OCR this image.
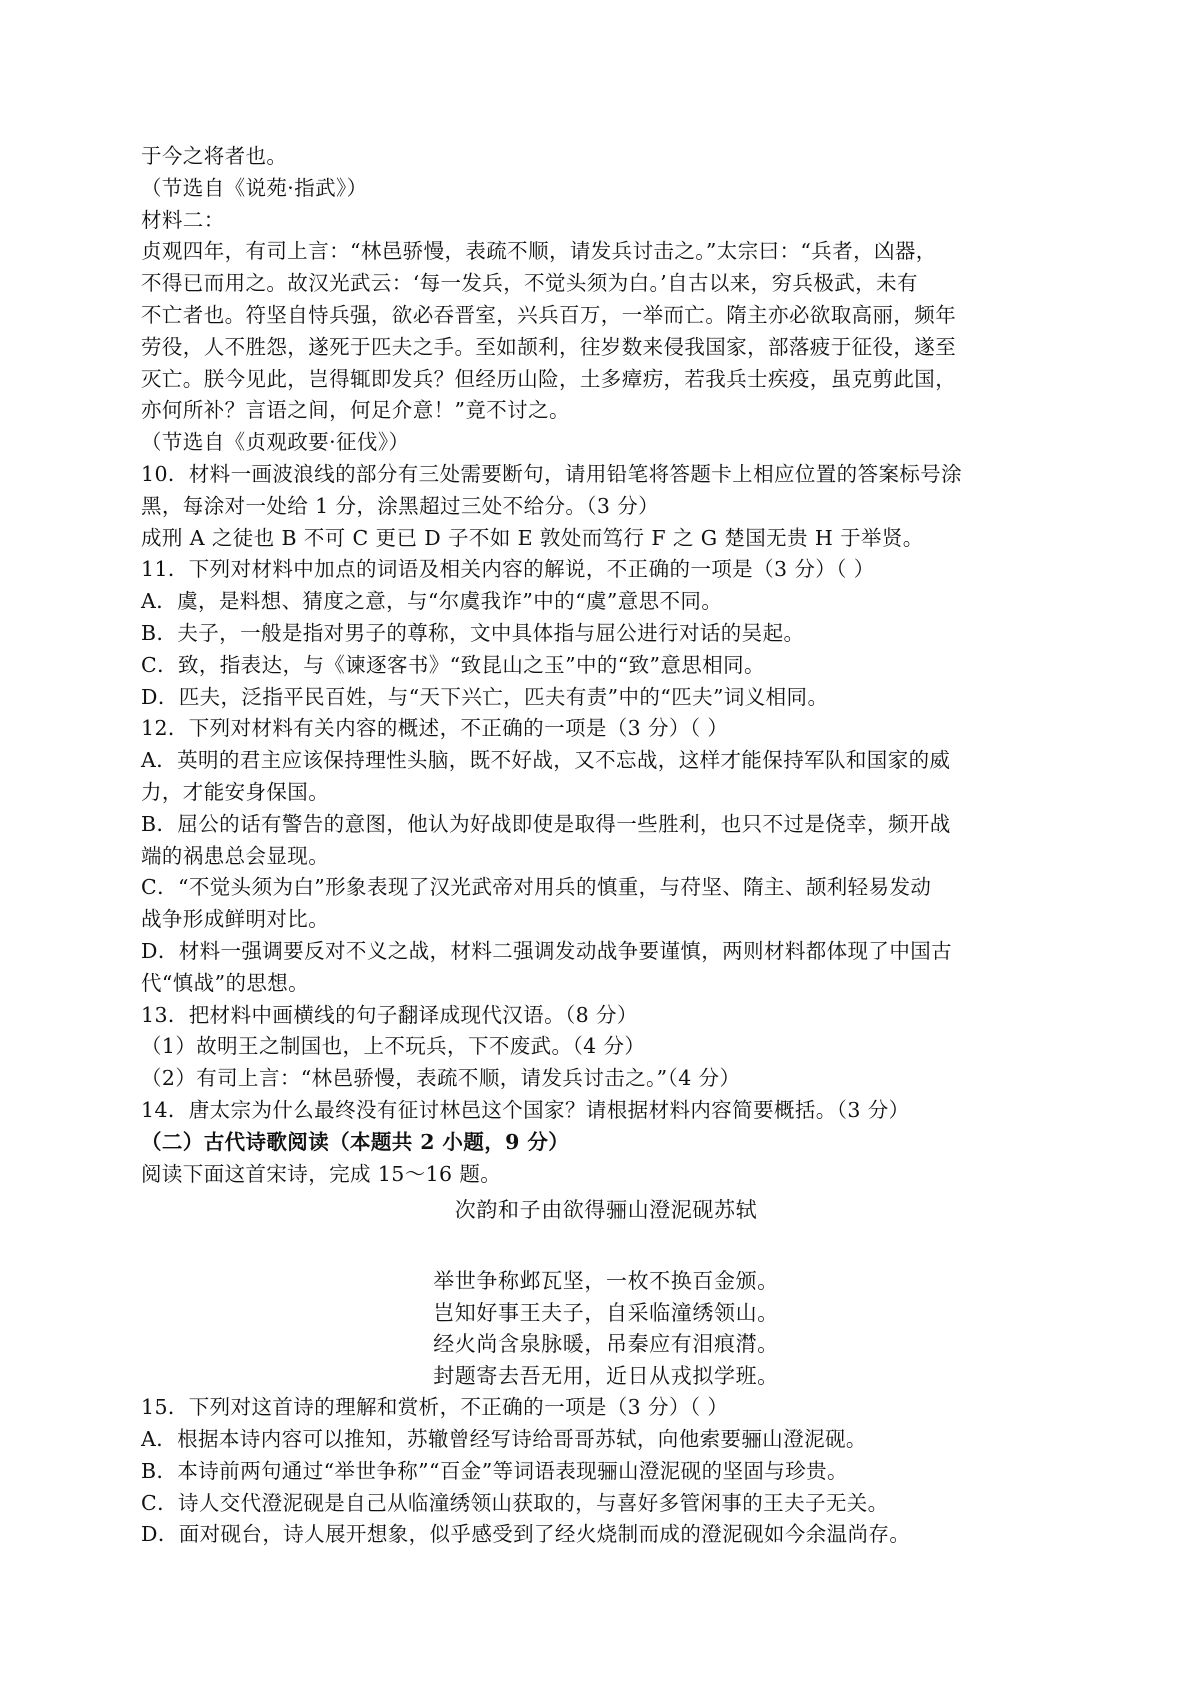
于今之将者也。
（节选自《说苑·指武》）
材料二：
贞观四年，有司上言：“林邑骄慢，表疏不顺，请发兵讨击之。”太宗曰：“兵者，凶器，
不得已而用之。故汉光武云：‘每一发兵，不觉头须为白。’自古以来，穷兵极武，未有
不亡者也。符坚自恃兵强，欲必吞晋室，兴兵百万，一举而亡。隋主亦必欲取高丽，频年
劳役，人不胜怨，遂死于匹夫之手。至如颉利，往岁数来侵我国家，部落疲于征役，遂至
灭亡。朕今见此，岂得辄即发兵？但经历山险，土多瘴疠，若我兵士疾疫，虽克剪此国，
亦何所补？言语之间，何足介意！”竟不讨之。
（节选自《贞观政要·征伐》）
10．材料一画波浪线的部分有三处需要断句，请用铅笔将答题卡上相应位置的答案标号涂
黑，每涂对一处给 1 分，涂黑超过三处不给分。（3 分）
成刑 A 之徒也 B 不可 C 更已 D 子不如 E 敦处而笃行 F 之 G 楚国无贵 H 于举贤。
11．下列对材料中加点的词语及相关内容的解说，不正确的一项是（3 分）（ ）
A．虞，是料想、猜度之意，与“尔虞我诈”中的“虞”意思不同。
B．夫子，一般是指对男子的尊称，文中具体指与屈公进行对话的吴起。
C．致，指表达，与《谏逐客书》“致昆山之玉”中的“致”意思相同。
D．匹夫，泛指平民百姓，与“天下兴亡，匹夫有责”中的“匹夫”词义相同。
12．下列对材料有关内容的概述，不正确的一项是（3 分）（ ）
A．英明的君主应该保持理性头脑，既不好战，又不忘战，这样才能保持军队和国家的威
力，才能安身保国。
B．屈公的话有警告的意图，他认为好战即使是取得一些胜利，也只不过是侥幸，频开战
端的祸患总会显现。
C．“不觉头须为白”形象表现了汉光武帝对用兵的慎重，与苻坚、隋主、颉利轻易发动
战争形成鲜明对比。
D．材料一强调要反对不义之战，材料二强调发动战争要谨慎，两则材料都体现了中国古
代“慎战”的思想。
13．把材料中画横线的句子翻译成现代汉语。（8 分）
（1）故明王之制国也，上不玩兵，下不废武。（4 分）
（2）有司上言：“林邑骄慢，表疏不顺，请发兵讨击之。”（4 分）
14．唐太宗为什么最终没有征讨林邑这个国家？请根据材料内容简要概括。（3 分）
（二）古代诗歌阅读（本题共 2 小题，9 分）
阅读下面这首宋诗，完成 15～16 题。
次韵和子由欲得骊山澄泥砚苏轼
举世争称邺瓦坚，一枚不换百金颁。
岂知好事王夫子，自采临潼绣领山。
经火尚含泉脉暖，吊秦应有泪痕潸。
封题寄去吾无用，近日从戎拟学班。
15．下列对这首诗的理解和赏析，不正确的一项是（3 分）（ ）
A．根据本诗内容可以推知，苏辙曾经写诗给哥哥苏轼，向他索要骊山澄泥砚。
B．本诗前两句通过“举世争称”“百金”等词语表现骊山澄泥砚的坚固与珍贵。
C．诗人交代澄泥砚是自己从临潼绣领山获取的，与喜好多管闲事的王夫子无关。
D．面对砚台，诗人展开想象，似乎感受到了经火烧制而成的澄泥砚如今余温尚存。
